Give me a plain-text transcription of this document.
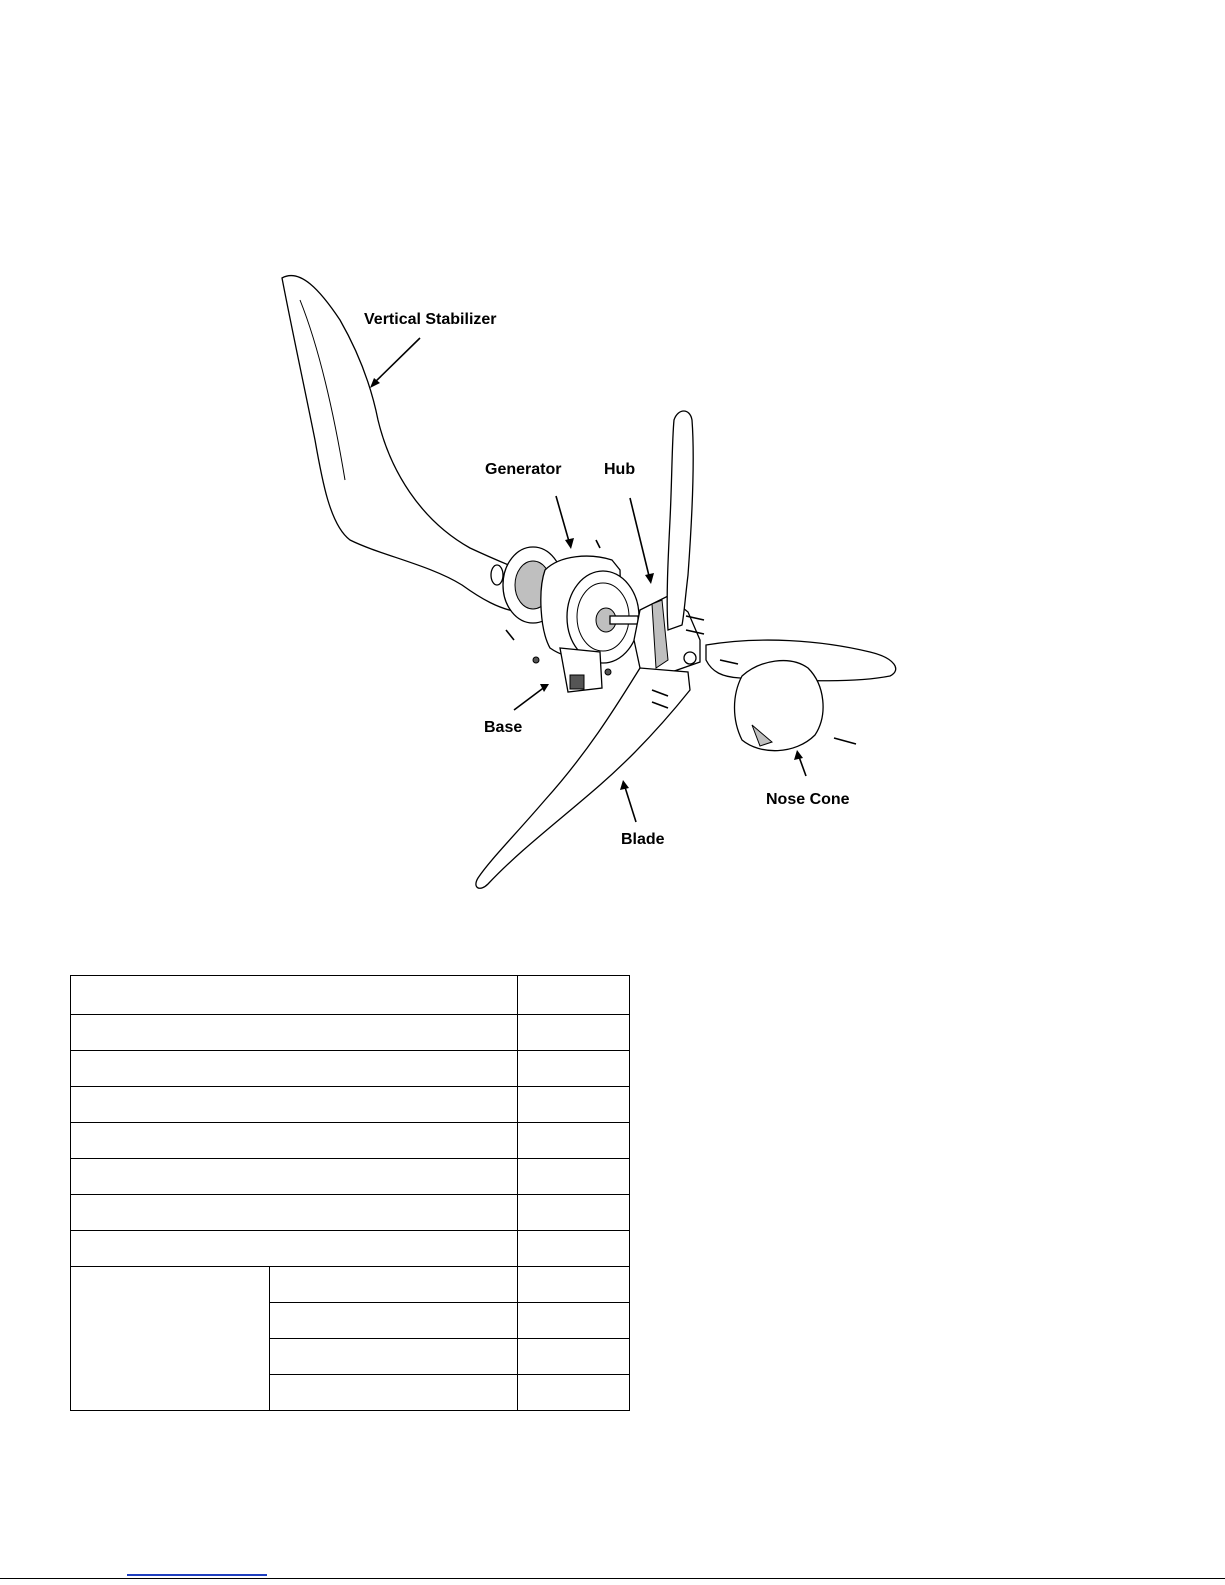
Vertical Stabilizer
Generator	Hub
Base
Blade
Nose Cone
